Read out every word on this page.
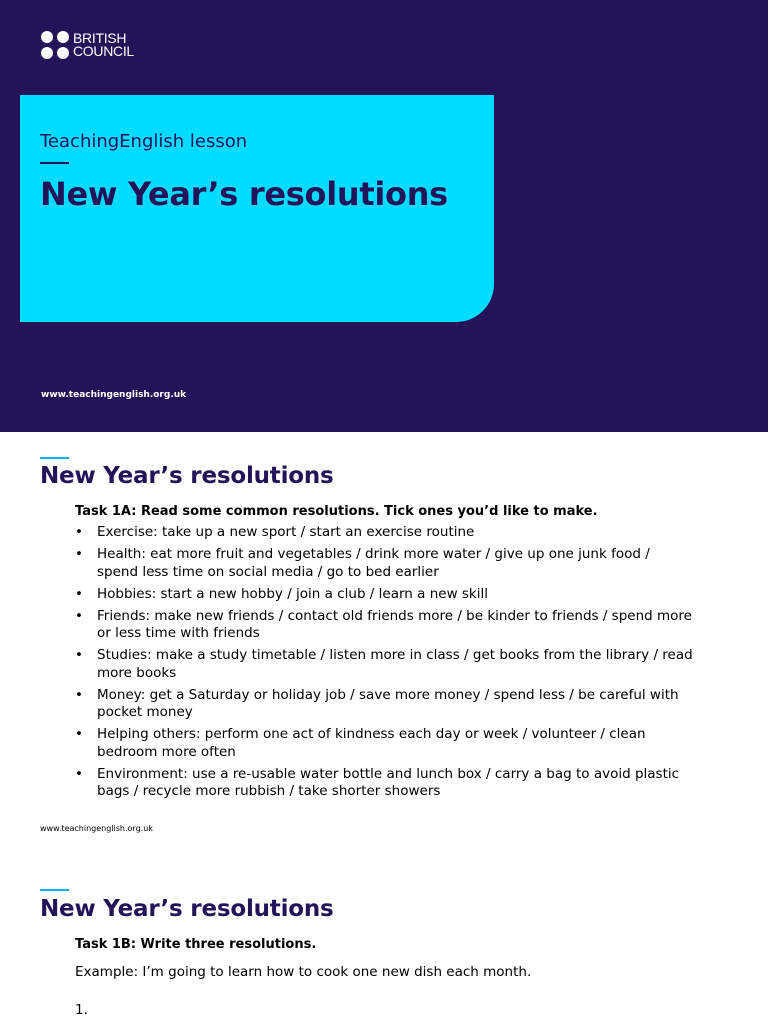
BRITISH
COUNCIL
TeachingEnglish lesson
New Year’s resolutions
www.teachingenglish.org.uk
New Year’s resolutions
Task 1A: Read some common resolutions. Tick ones you’d like to make.
• Exercise: take up a new sport / start an exercise routine
• Health: eat more fruit and vegetables / drink more water / give up one junk food / spend less time on social media / go to bed earlier
• Hobbies: start a new hobby / join a club / learn a new skill
• Friends: make new friends / contact old friends more / be kinder to friends / spend more or less time with friends
• Studies: make a study timetable / listen more in class / get books from the library / read more books
• Money: get a Saturday or holiday job / save more money / spend less / be careful with pocket money
• Helping others: perform one act of kindness each day or week / volunteer / clean bedroom more often
• Environment: use a re-usable water bottle and lunch box / carry a bag to avoid plastic bags / recycle more rubbish / take shorter showers
www.teachingenglish.org.uk
New Year’s resolutions
Task 1B: Write three resolutions.
Example: I’m going to learn how to cook one new dish each month.
1.
